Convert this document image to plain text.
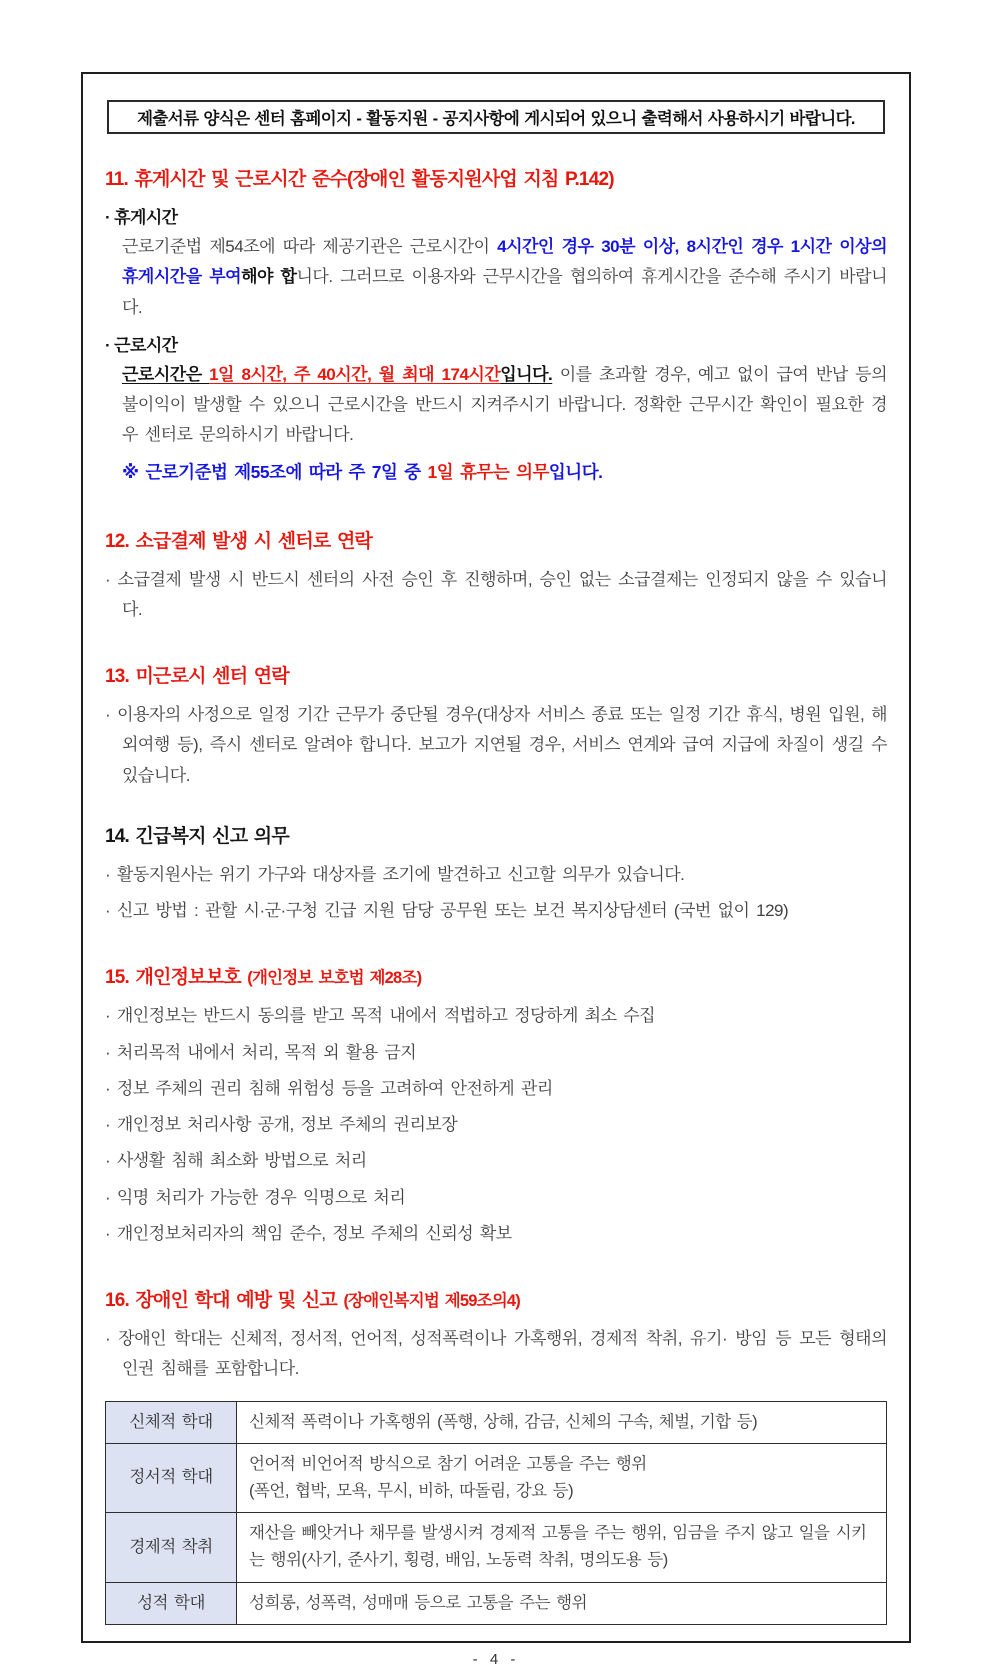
제출서류 양식은 센터 홈페이지 - 활동지원 - 공지사항에 게시되어 있으니 출력해서 사용하시기 바랍니다.
11. 휴게시간 및 근로시간 준수(장애인 활동지원사업 지침 P.142)
· 휴게시간

근로기준법 제54조에 따라 제공기관은 근로시간이 4시간인 경우 30분 이상, 8시간인 경우 1시간 이상의 휴게시간을 부여해야 합니다. 그러므로 이용자와 근무시간을 협의하여 휴게시간을 준수해 주시기 바랍니다.

· 근로시간

근로시간은 1일 8시간, 주 40시간, 월 최대 174시간입니다. 이를 초과할 경우, 예고 없이 급여 반납 등의 불이익이 발생할 수 있으니 근로시간을 반드시 지켜주시기 바랍니다. 정확한 근무시간 확인이 필요한 경우 센터로 문의하시기 바랍니다.

※ 근로기준법 제55조에 따라 주 7일 중 1일 휴무는 의무입니다.

12. 소급결제 발생 시 센터로 연락

· 소급결제 발생 시 반드시 센터의 사전 승인 후 진행하며, 승인 없는 소급결제는 인정되지 않을 수 있습니다.

13. 미근로시 센터 연락

· 이용자의 사정으로 일정 기간 근무가 중단될 경우(대상자 서비스 종료 또는 일정 기간 휴식, 병원 입원, 해외여행 등), 즉시 센터로 알려야 합니다. 보고가 지연될 경우, 서비스 연계와 급여 지급에 차질이 생길 수 있습니다.

14. 긴급복지 신고 의무

· 활동지원사는 위기 가구와 대상자를 조기에 발견하고 신고할 의무가 있습니다.

· 신고 방법 : 관할 시·군·구청 긴급 지원 담당 공무원 또는 보건 복지상담센터 (국번 없이 129)

15. 개인정보보호 (개인정보 보호법 제28조)

· 개인정보는 반드시 동의를 받고 목적 내에서 적법하고 정당하게 최소 수집

· 처리목적 내에서 처리, 목적 외 활용 금지

· 정보 주체의 권리 침해 위험성 등을 고려하여 안전하게 관리

· 개인정보 처리사항 공개, 정보 주체의 권리보장

· 사생활 침해 최소화 방법으로 처리

· 익명 처리가 가능한 경우 익명으로 처리

· 개인정보처리자의 책임 준수, 정보 주체의 신뢰성 확보

16. 장애인 학대 예방 및 신고 (장애인복지법 제59조의4)

· 장애인 학대는 신체적, 정서적, 언어적, 성적폭력이나 가혹행위, 경제적 착취, 유기· 방임 등 모든 형태의 인권 침해를 포함합니다.

신체적 학대	신체적 폭력이나 가혹행위 (폭행, 상해, 감금, 신체의 구속, 체벌, 기합 등)
정서적 학대	언어적 비언어적 방식으로 참기 어려운 고통을 주는 행위
(폭언, 협박, 모욕, 무시, 비하, 따돌림, 강요 등)
경제적 착취	재산을 빼앗거나 채무를 발생시켜 경제적 고통을 주는 행위, 임금을 주지 않고 일을 시키는 행위(사기, 준사기, 횡령, 배임, 노동력 착취, 명의도용 등)
성적 학대	성희롱, 성폭력, 성매매 등으로 고통을 주는 행위
- 4 -
